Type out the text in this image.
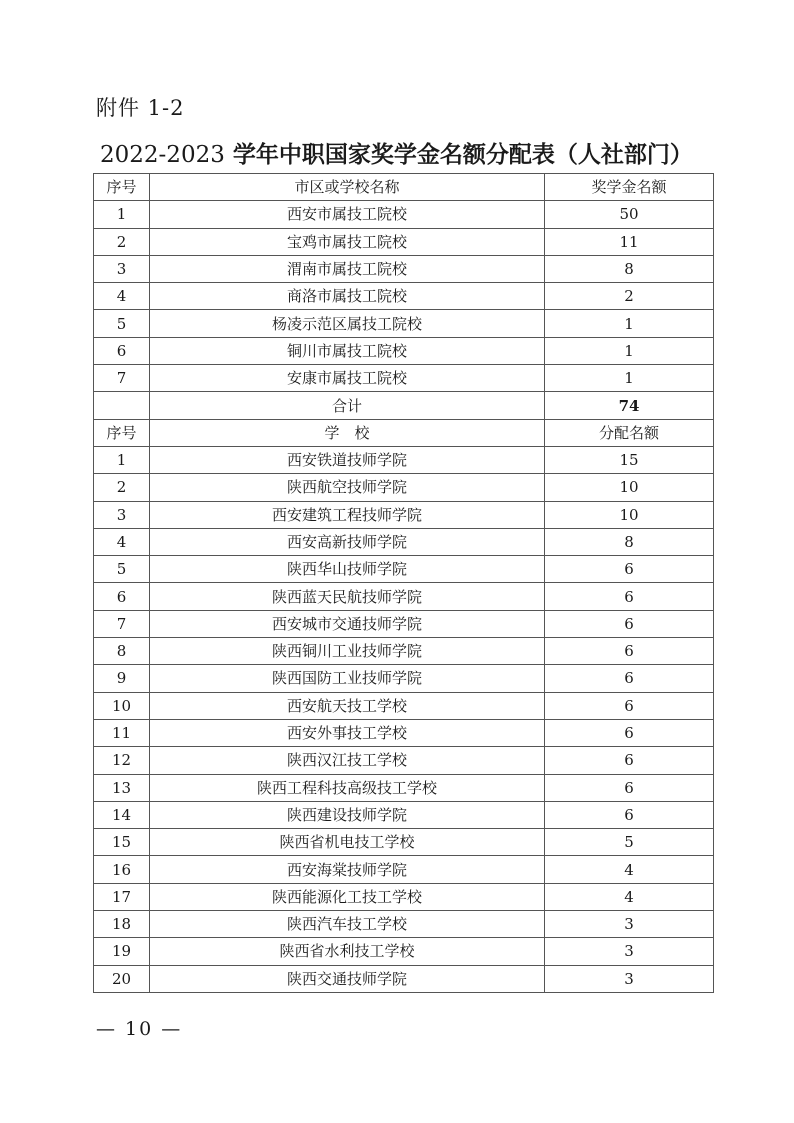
附件 1-2
2022-2023 学年中职国家奖学金名额分配表（人社部门）
序号	市区或学校名称	奖学金名额
1	西安市属技工院校	50
2	宝鸡市属技工院校	11
3	渭南市属技工院校	8
4	商洛市属技工院校	2
5	杨凌示范区属技工院校	1
6	铜川市属技工院校	1
7	安康市属技工院校	1
	合计	74
序号	学　校	分配名额
1	西安铁道技师学院	15
2	陕西航空技师学院	10
3	西安建筑工程技师学院	10
4	西安高新技师学院	8
5	陕西华山技师学院	6
6	陕西蓝天民航技师学院	6
7	西安城市交通技师学院	6
8	陕西铜川工业技师学院	6
9	陕西国防工业技师学院	6
10	西安航天技工学校	6
11	西安外事技工学校	6
12	陕西汉江技工学校	6
13	陕西工程科技高级技工学校	6
14	陕西建设技师学院	6
15	陕西省机电技工学校	5
16	西安海棠技师学院	4
17	陕西能源化工技工学校	4
18	陕西汽车技工学校	3
19	陕西省水利技工学校	3
20	陕西交通技师学院	3
— 10 —
